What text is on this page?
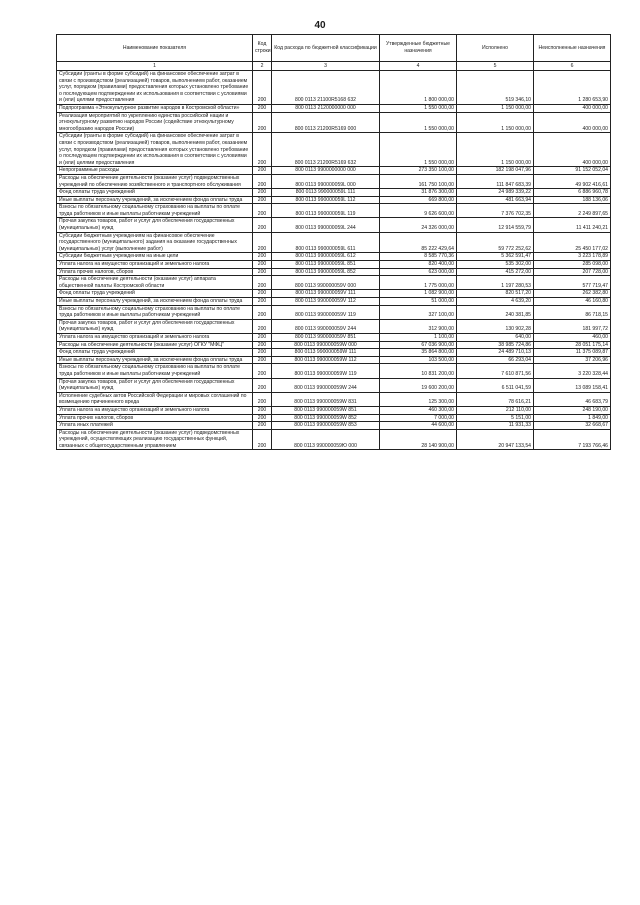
40
Наименование показателя	Код строки	Код расхода по бюджетной классификации	Утвержденные бюджетные назначения	Исполнено	Неисполненные назначения
1	2	3	4	5	6
Субсидии (гранты в форме субсидий) на финансовое обеспечение затрат в связи с производством (реализацией) товаров, выполнением работ, оказанием услуг, порядком (правилами) предоставления которых установлено требование о последующем подтверждении их использования в соответствии с условиями и (или) целями предоставления	200	800 0113 21100R5168 632	1 800 000,00	519 346,10	1 280 653,90
Подпрограмма «Этнокультурное развитие народов в Костромской области»	200	800 0113 2120000000 000	1 550 000,00	1 150 000,00	400 000,00
Реализация мероприятий по укреплению единства российской нации и этнокультурному развитию народов России (содействие этнокультурному многообразию народов России)	200	800 0113 21200R5169 000	1 550 000,00	1 150 000,00	400 000,00
Субсидии (гранты в форме субсидий) на финансовое обеспечение затрат в связи с производством (реализацией) товаров, выполнением работ, оказанием услуг, порядком (правилами) предоставления которых установлено требование о последующем подтверждении их использования в соответствии с условиями и (или) целями предоставления	200	800 0113 21200R5169 632	1 550 000,00	1 150 000,00	400 000,00
Непрограммные расходы	200	800 0113 9900000000 000	273 350 100,00	182 198 047,96	91 152 052,04
Расходы на обеспечение деятельности (оказание услуг) подведомственных учреждений по обеспечению хозяйственного и транспортного обслуживания	200	800 0113 990000059L 000	161 750 100,00	111 847 683,39	49 902 416,61
Фонд оплаты труда учреждений	200	800 0113 990000059L 111	31 876 300,00	24 989 339,22	6 886 960,78
Иные выплаты персоналу учреждений, за исключением фонда оплаты труда	200	800 0113 990000059L 112	669 800,00	481 663,94	188 136,06
Взносы по обязательному социальному страхованию на выплаты по оплате труда работников и иные выплаты работникам учреждений	200	800 0113 990000059L 119	9 626 600,00	7 376 702,35	2 249 897,65
Прочая закупка товаров, работ и услуг для обеспечения государственных (муниципальных) нужд	200	800 0113 990000059L 244	24 326 000,00	12 914 559,79	11 411 240,21
Субсидии бюджетным учреждениям на финансовое обеспечение государственного (муниципального) задания на оказание государственных (муниципальных) услуг (выполнение работ)	200	800 0113 990000059L 611	85 222 429,64	59 772 252,62	25 450 177,02
Субсидии бюджетным учреждениям на иные цели	200	800 0113 990000059L 612	8 585 770,36	5 362 591,47	3 223 178,89
Уплата налога на имущество организаций и земельного налога	200	800 0113 990000059L 851	820 400,00	535 302,00	285 098,00
Уплата прочих налогов, сборов	200	800 0113 990000059L 852	623 000,00	415 272,00	207 728,00
Расходы на обеспечение деятельности (оказание услуг) аппарата общественной палаты Костромской области	200	800 0113 990000059V 000	1 775 000,00	1 197 280,53	577 719,47
Фонд оплаты труда учреждений	200	800 0113 990000059V 111	1 082 900,00	820 517,20	262 382,80
Иные выплаты персоналу учреждений, за исключением фонда оплаты труда	200	800 0113 990000059V 112	51 000,00	4 639,20	46 160,80
Взносы по обязательному социальному страхованию на выплаты по оплате труда работников и иные выплаты работникам учреждений	200	800 0113 990000059V 119	327 100,00	240 381,85	86 718,15
Прочая закупка товаров, работ и услуг для обеспечения государственных (муниципальных) нужд	200	800 0113 990000059V 244	312 900,00	130 902,28	181 997,72
Уплата налога на имущество организаций и земельного налога	200	800 0113 990000059V 851	1 100,00	640,00	460,00
Расходы на обеспечение деятельности (оказание услуг) ОГКУ "МФЦ"	200	800 0113 990000059W 000	67 036 900,00	38 985 724,86	28 051 175,14
Фонд оплаты труда учреждений	200	800 0113 990000059W 111	35 864 800,00	24 489 710,13	11 375 089,87
Иные выплаты персоналу учреждений, за исключением фонда оплаты труда	200	800 0113 990000059W 112	103 500,00	66 293,04	37 206,96
Взносы по обязательному социальному страхованию на выплаты по оплате труда работников и иные выплаты работникам учреждений	200	800 0113 990000059W 119	10 831 200,00	7 610 871,56	3 220 328,44
Прочая закупка товаров, работ и услуг для обеспечения государственных (муниципальных) нужд	200	800 0113 990000059W 244	19 600 200,00	6 511 041,59	13 089 158,41
Исполнение судебных актов Российской Федерации и мировых соглашений по возмещению причиненного вреда	200	800 0113 990000059W 831	125 300,00	78 616,21	46 683,79
Уплата налога на имущество организаций и земельного налога	200	800 0113 990000059W 851	460 300,00	212 110,00	248 190,00
Уплата прочих налогов, сборов	200	800 0113 990000059W 852	7 000,00	5 151,00	1 849,00
Уплата иных платежей	200	800 0113 990000059W 853	44 600,00	11 931,33	32 668,67
Расходы на обеспечение деятельности (оказание услуг) подведомственных учреждений, осуществляющих реализацию государственных функций, связанных с общегосударственным управлением	200	800 0113 990000059Ю 000	28 140 900,00	20 947 133,54	7 193 766,46
